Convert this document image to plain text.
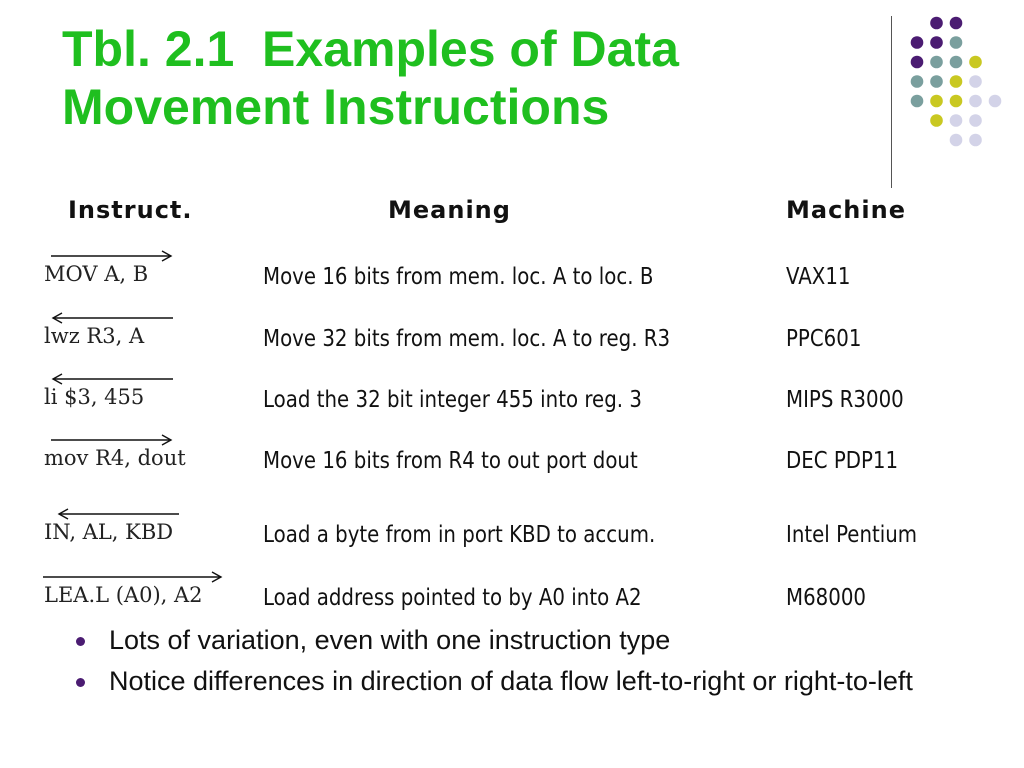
Tbl. 2.1  Examples of Data
Movement Instructions
Instruct.	Meaning	Machine
MOV A, B	Move 16 bits from mem. loc. A to loc. B	VAX11
lwz R3, A	Move 32 bits from mem. loc. A to reg. R3	PPC601
li $3, 455	Load the 32 bit integer 455 into reg. 3	MIPS R3000
mov R4, dout	Move 16 bits from R4 to out port dout	DEC PDP11
IN, AL, KBD	Load a byte from in port KBD to accum.	Intel Pentium
LEA.L (A0), A2	Load address pointed to by A0 into A2	M68000
Lots of variation, even with one instruction type
Notice differences in direction of data flow left-to-right or right-to-left
